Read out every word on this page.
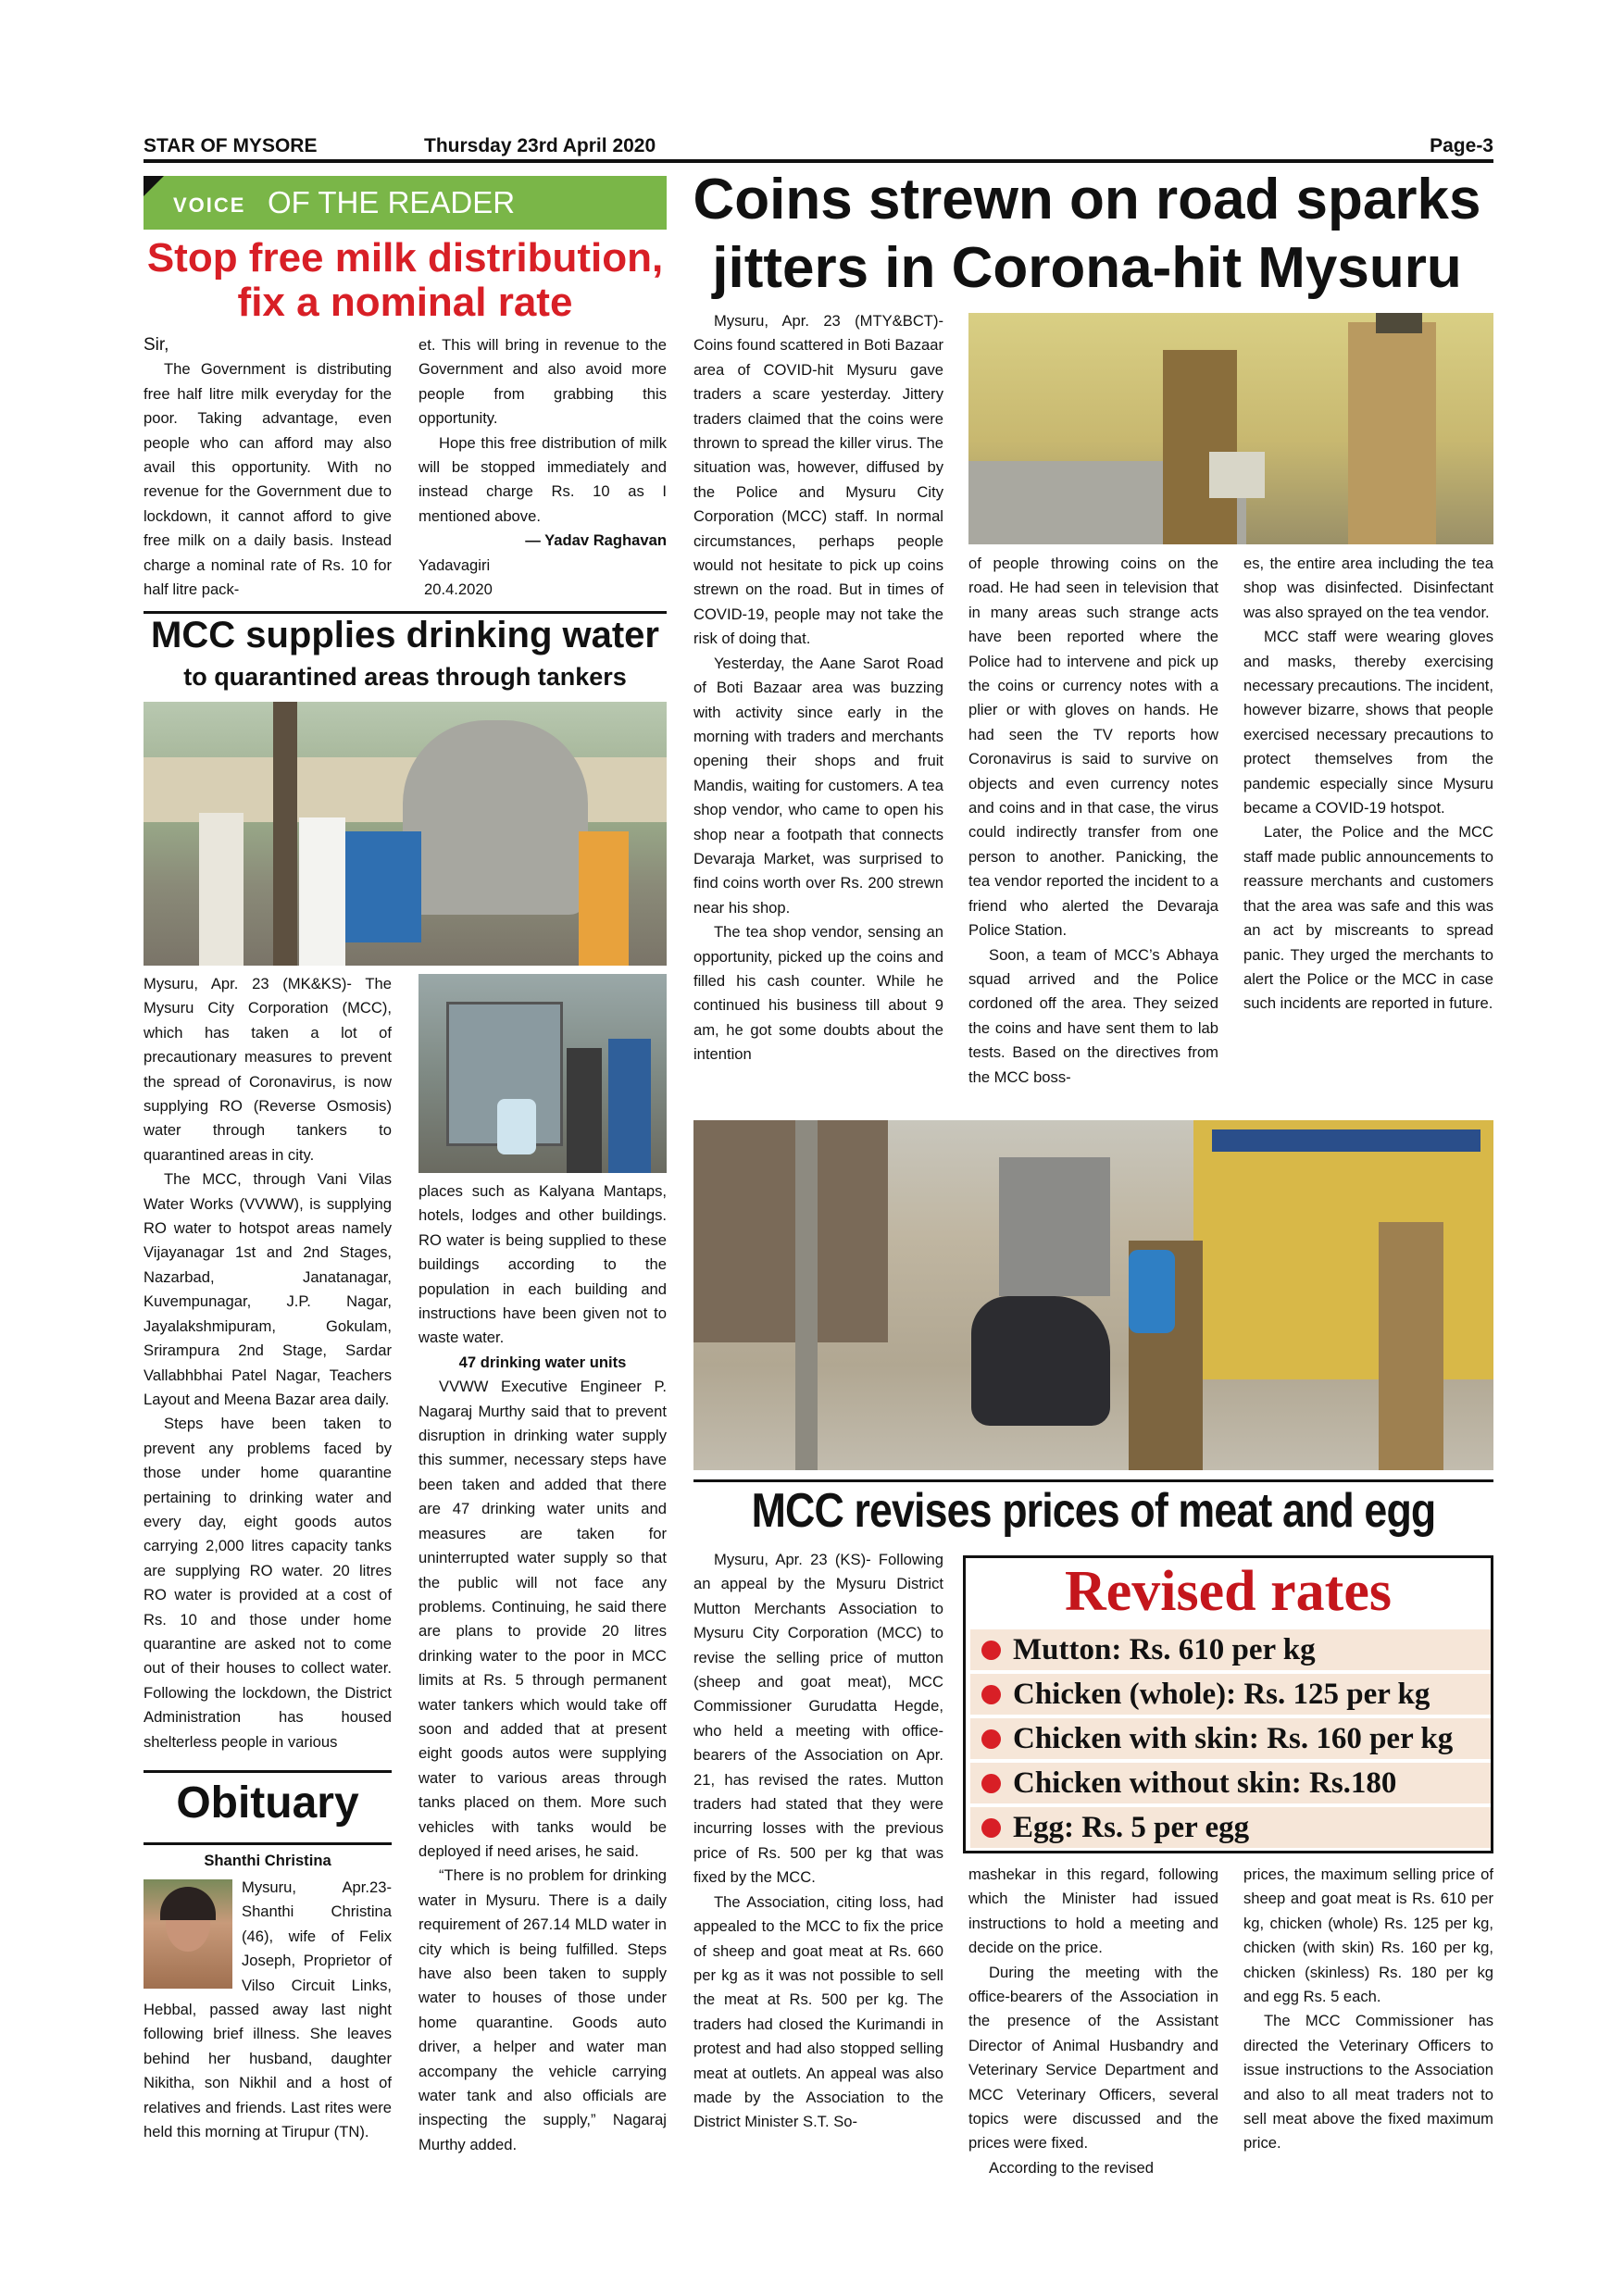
STAR OF MYSORE	Thursday 23rd April 2020	Page-3
VOICE OF THE READER
Stop free milk distribution,
fix a nominal rate

Sir,

The Government is distributing free half litre milk everyday for the poor. Taking advantage, even people who can afford may also avail this opportunity. With no revenue for the Government due to lockdown, it cannot afford to give free milk on a daily basis. Instead charge a nominal rate of Rs. 10 for half litre pack-

et. This will bring in revenue to the Government and also avoid more people from grabbing this opportunity.

Hope this free distribution of milk will be stopped immediately and instead charge Rs. 10 as I mentioned above.

— Yadav Raghavan

Yadavagiri

20.4.2020

MCC supplies drinking water
to quarantined areas through tankers

Mysuru, Apr. 23 (MK&KS)- The Mysuru City Corporation (MCC), which has taken a lot of precautionary measures to prevent the spread of Coronavirus, is now supplying RO (Reverse Osmosis) water through tankers to quarantined areas in city.

The MCC, through Vani Vilas Water Works (VVWW), is supplying RO water to hotspot areas namely Vijayanagar 1st and 2nd Stages, Nazarbad, Janatanagar, Kuvempunagar, J.P. Nagar, Jayalakshmipuram, Gokulam, Srirampura 2nd Stage, Sardar Vallabhbhai Patel Nagar, Teachers Layout and Meena Bazar area daily.

Steps have been taken to prevent any problems faced by those under home quarantine pertaining to drinking water and every day, eight goods autos carrying 2,000 litres capacity tanks are supplying RO water. 20 litres RO water is provided at a cost of Rs. 10 and those under home quarantine are asked not to come out of their houses to collect water. Following the lockdown, the District Administration has housed shelterless people in various

places such as Kalyana Mantaps, hotels, lodges and other buildings. RO water is being supplied to these buildings according to the population in each building and instructions have been given not to waste water.

47 drinking water units

VVWW Executive Engineer P. Nagaraj Murthy said that to prevent disruption in drinking water supply this summer, necessary steps have been taken and added that there are 47 drinking water units and measures are taken for uninterrupted water supply so that the public will not face any problems. Continuing, he said there are plans to provide 20 litres drinking water to the poor in MCC limits at Rs. 5 through permanent water tankers which would take off soon and added that at present eight goods autos were supplying water to various areas through tanks placed on them. More such vehicles with tanks would be deployed if need arises, he said.

“There is no problem for drinking water in Mysuru. There is a daily requirement of 267.14 MLD water in city which is being fulfilled. Steps have also been taken to supply water to houses of those under home quarantine. Goods auto driver, a helper and water man accompany the vehicle carrying water tank and also officials are inspecting the supply,” Nagaraj Murthy added.

Obituary
Shanthi Christina

Mysuru, Apr.23- Shanthi Christina (46), wife of Felix Joseph, Proprietor of Vilso Circuit Links, Hebbal, passed away last night following brief illness. She leaves behind her husband, daughter Nikitha, son Nikhil and a host of relatives and friends. Last rites were held this morning at Tirupur (TN).

Coins strewn on road sparks
jitters in Corona-hit Mysuru

Mysuru, Apr. 23 (MTY&BCT)- Coins found scattered in Boti Bazaar area of COVID-hit Mysuru gave traders a scare yesterday. Jittery traders claimed that the coins were thrown to spread the killer virus. The situation was, however, diffused by the Police and Mysuru City Corporation (MCC) staff. In normal circumstances, perhaps people would not hesitate to pick up coins strewn on the road. But in times of COVID-19, people may not take the risk of doing that.

Yesterday, the Aane Sarot Road of Boti Bazaar area was buzzing with activity since early in the morning with traders and merchants opening their shops and fruit Mandis, waiting for customers. A tea shop vendor, who came to open his shop near a footpath that connects Devaraja Market, was surprised to find coins worth over Rs. 200 strewn near his shop.

The tea shop vendor, sensing an opportunity, picked up the coins and filled his cash counter. While he continued his business till about 9 am, he got some doubts about the intention

of people throwing coins on the road. He had seen in television that in many areas such strange acts have been reported where the Police had to intervene and pick up the coins or currency notes with a plier or with gloves on hands. He had seen the TV reports how Coronavirus is said to survive on objects and even currency notes and coins and in that case, the virus could indirectly transfer from one person to another. Panicking, the tea vendor reported the incident to a friend who alerted the Devaraja Police Station.

Soon, a team of MCC’s Abhaya squad arrived and the Police cordoned off the area. They seized the coins and have sent them to lab tests. Based on the directives from the MCC boss-

es, the entire area including the tea shop was disinfected. Disinfectant was also sprayed on the tea vendor.

MCC staff were wearing gloves and masks, thereby exercising necessary precautions. The incident, however bizarre, shows that people exercised necessary precautions to protect themselves from the pandemic especially since Mysuru became a COVID-19 hotspot.

Later, the Police and the MCC staff made public announcements to reassure merchants and customers that the area was safe and this was an act by miscreants to spread panic. They urged the merchants to alert the Police or the MCC in case such incidents are reported in future.

MCC revises prices of meat and egg

Mysuru, Apr. 23 (KS)- Following an appeal by the Mysuru District Mutton Merchants Association to Mysuru City Corporation (MCC) to revise the selling price of mutton (sheep and goat meat), MCC Commissioner Gurudatta Hegde, who held a meeting with office-bearers of the Association on Apr. 21, has revised the rates. Mutton traders had stated that they were incurring losses with the previous price of Rs. 500 per kg that was fixed by the MCC.

The Association, citing loss, had appealed to the MCC to fix the price of sheep and goat meat at Rs. 660 per kg as it was not possible to sell the meat at Rs. 500 per kg. The traders had closed the Kurimandi in protest and had also stopped selling meat at outlets. An appeal was also made by the Association to the District Minister S.T. So-

Revised rates
Mutton: Rs. 610 per kg
Chicken (whole): Rs. 125 per kg
Chicken with skin: Rs. 160 per kg
Chicken without skin: Rs.180
Egg: Rs. 5 per egg

mashekar in this regard, following which the Minister had issued instructions to hold a meeting and decide on the price.

During the meeting with the office-bearers of the Association in the presence of the Assistant Director of Animal Husbandry and Veterinary Service Department and MCC Veterinary Officers, several topics were discussed and the prices were fixed.

According to the revised

prices, the maximum selling price of sheep and goat meat is Rs. 610 per kg, chicken (whole) Rs. 125 per kg, chicken (with skin) Rs. 160 per kg, chicken (skinless) Rs. 180 per kg and egg Rs. 5 each.

The MCC Commissioner has directed the Veterinary Officers to issue instructions to the Association and also to all meat traders not to sell meat above the fixed maximum price.
